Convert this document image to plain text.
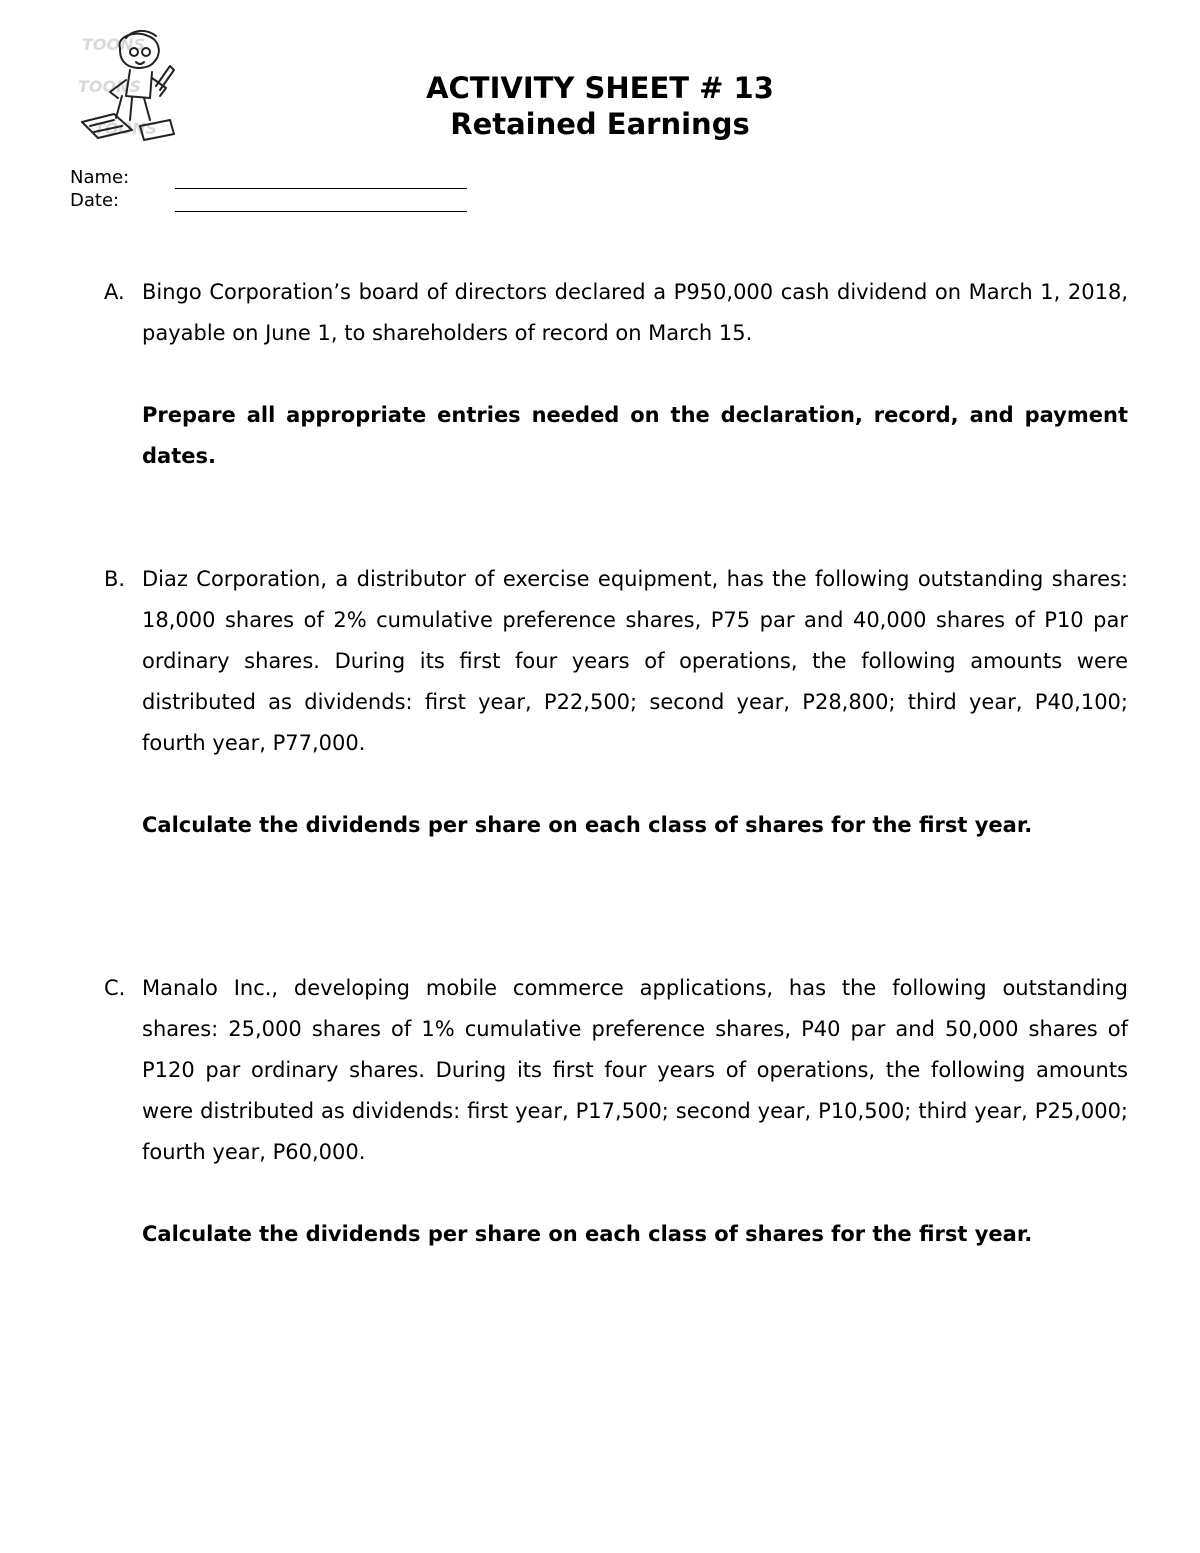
TOONS
TOONS
TOONS
ACTIVITY SHEET # 13
Retained Earnings
Name:
Date:
A. Bingo Corporation’s board of directors declared a P950,000 cash dividend on March 1, 2018, payable on June 1, to shareholders of record on March 15.
Prepare all appropriate entries needed on the declaration, record, and payment dates.
B. Diaz Corporation, a distributor of exercise equipment, has the following outstanding shares: 18,000 shares of 2% cumulative preference shares, P75 par and 40,000 shares of P10 par ordinary shares. During its first four years of operations, the following amounts were distributed as dividends: first year, P22,500; second year, P28,800; third year, P40,100; fourth year, P77,000.
Calculate the dividends per share on each class of shares for the first year.
C. Manalo Inc., developing mobile commerce applications, has the following outstanding shares: 25,000 shares of 1% cumulative preference shares, P40 par and 50,000 shares of P120 par ordinary shares. During its first four years of operations, the following amounts were distributed as dividends: first year, P17,500; second year, P10,500; third year, P25,000; fourth year, P60,000.
Calculate the dividends per share on each class of shares for the first year.
